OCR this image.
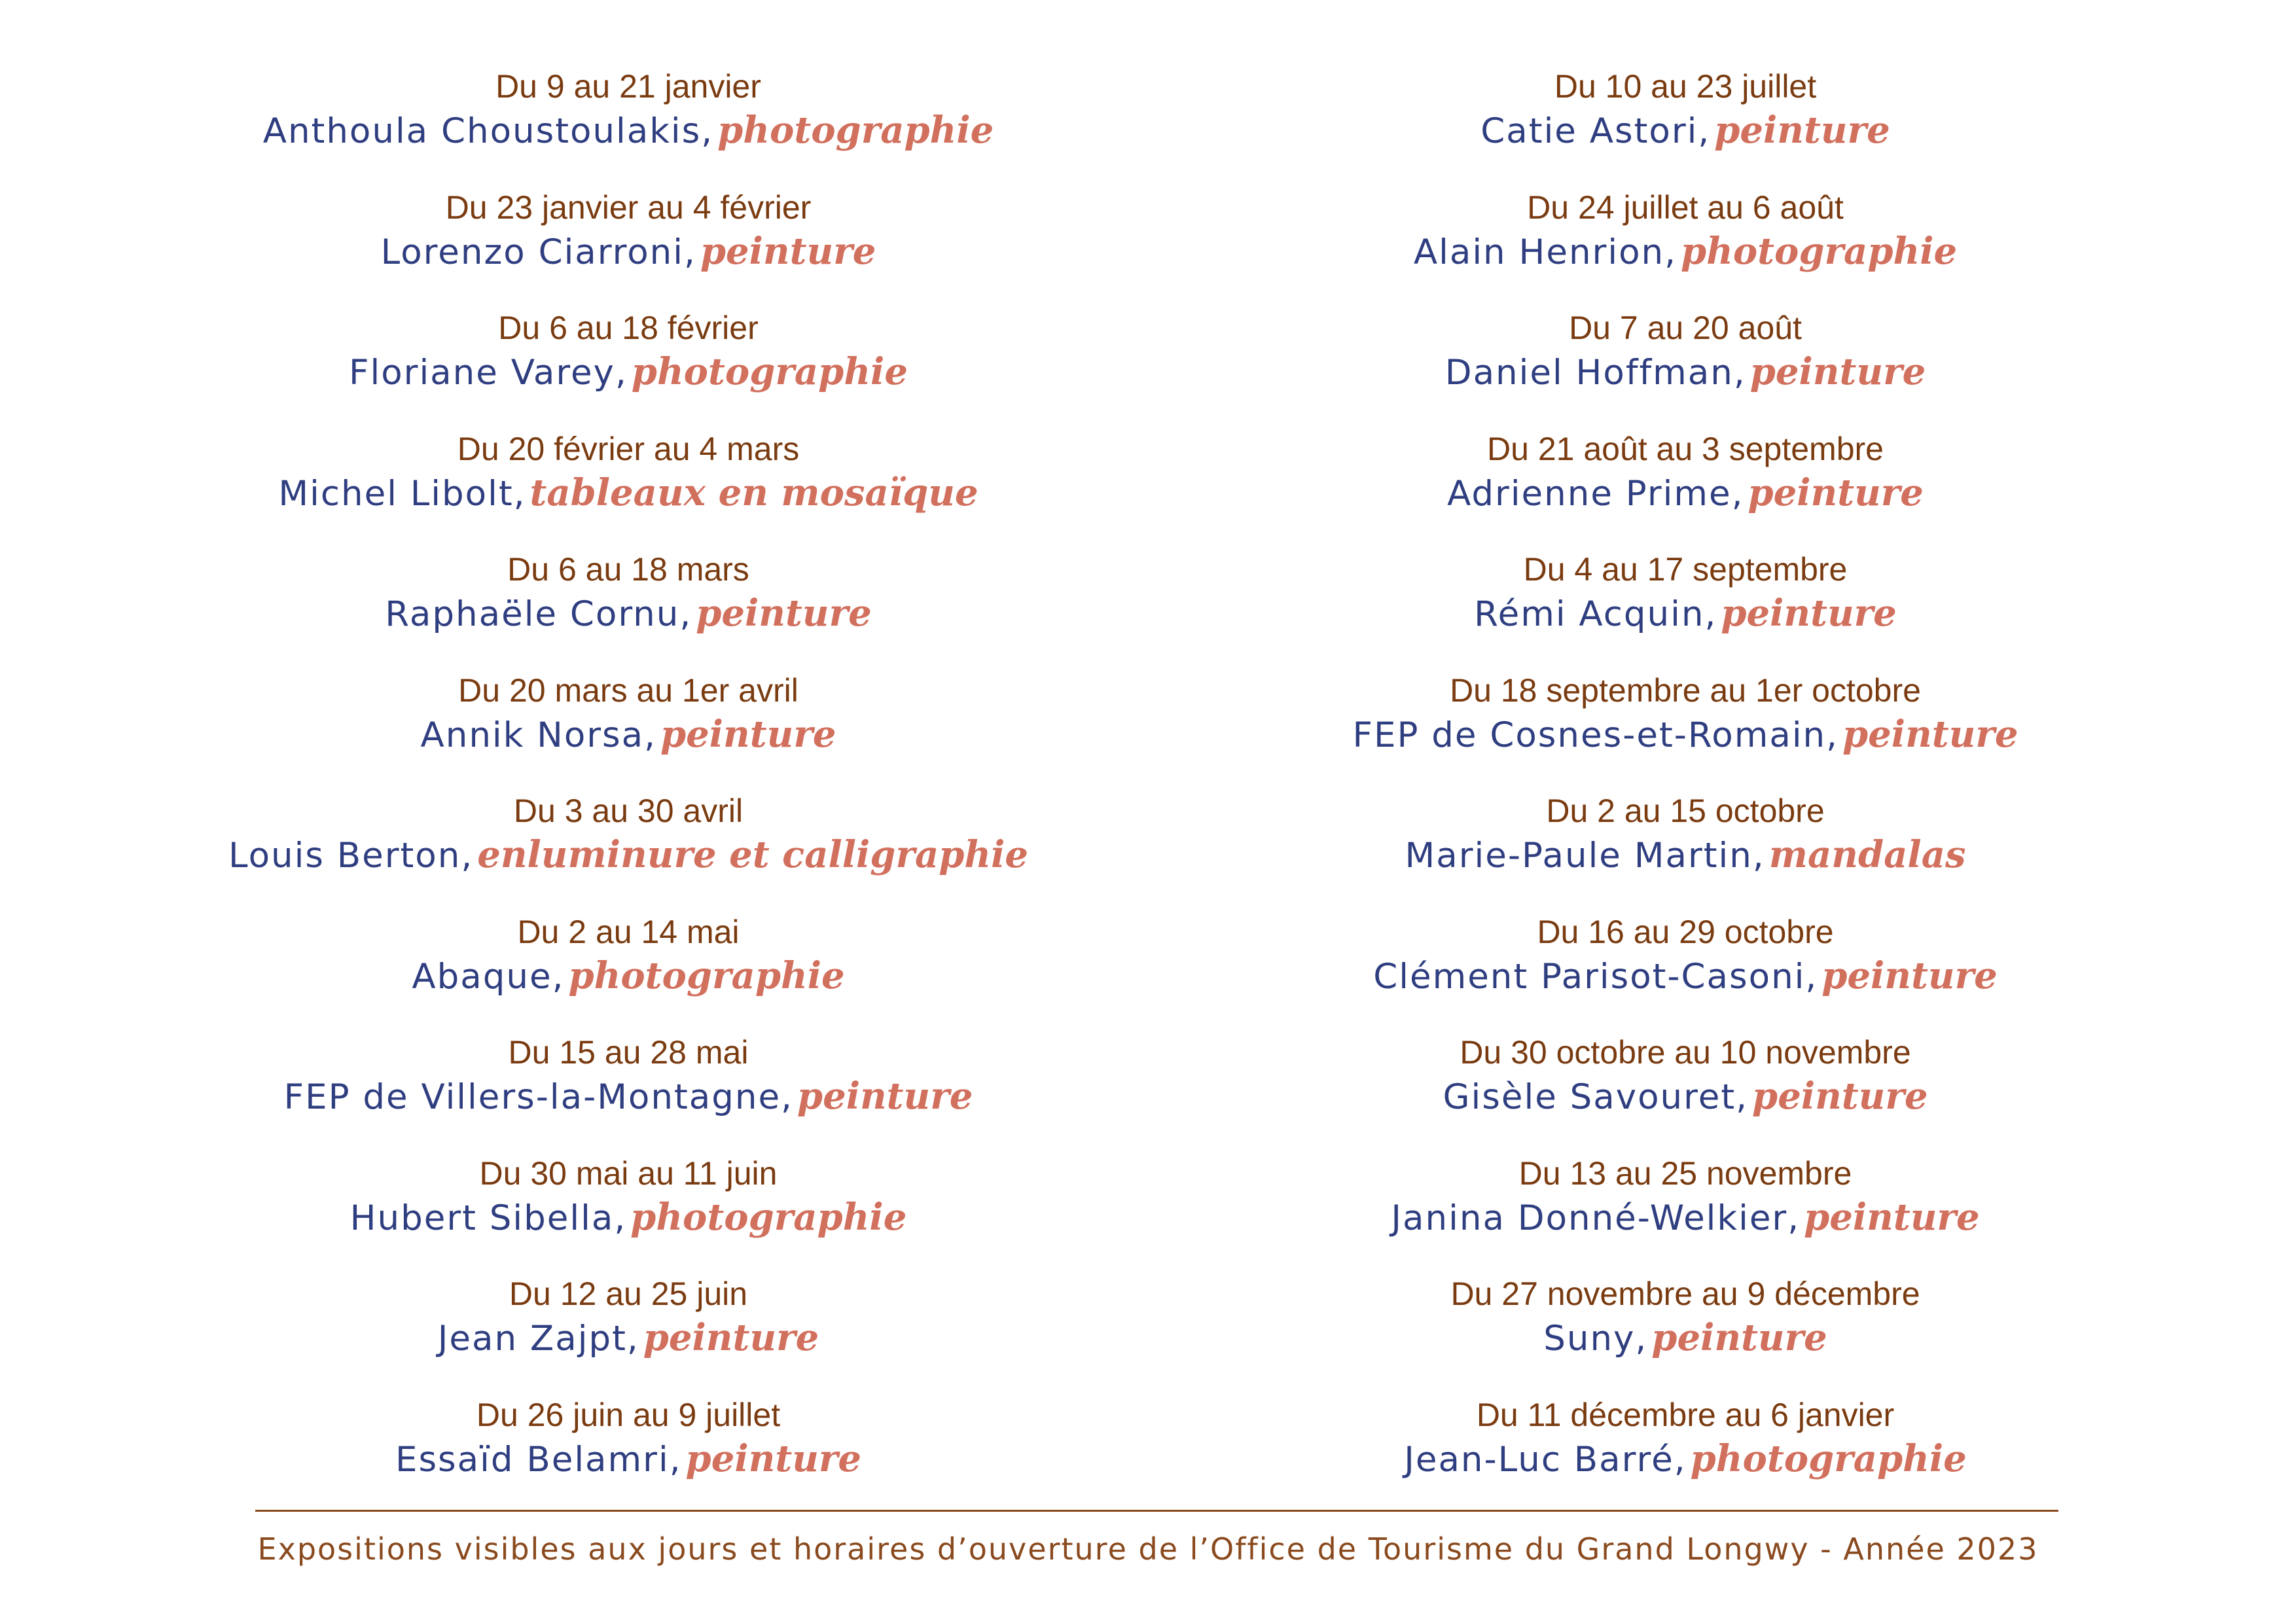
Du 9 au 21 janvier
Anthoula Choustoulakis, photographie
Du 23 janvier au 4 février
Lorenzo Ciarroni, peinture
Du 6 au 18 février
Floriane Varey, photographie
Du 20 février au 4 mars
Michel Libolt, tableaux en mosaïque
Du 6 au 18 mars
Raphaële Cornu, peinture
Du 20 mars au 1er avril
Annik Norsa, peinture
Du 3 au 30 avril
Louis Berton, enluminure et calligraphie
Du 2 au 14 mai
Abaque, photographie
Du 15 au 28 mai
FEP de Villers-la-Montagne, peinture
Du 30 mai au 11 juin
Hubert Sibella, photographie
Du 12 au 25 juin
Jean Zajpt, peinture
Du 26 juin au 9 juillet
Essaïd Belamri, peinture
Du 10 au 23 juillet
Catie Astori, peinture
Du 24 juillet au 6 août
Alain Henrion, photographie
Du 7 au 20 août
Daniel Hoffman, peinture
Du 21 août au 3 septembre
Adrienne Prime, peinture
Du 4 au 17 septembre
Rémi Acquin, peinture
Du 18 septembre au 1er octobre
FEP de Cosnes-et-Romain, peinture
Du 2 au 15 octobre
Marie-Paule Martin, mandalas
Du 16 au 29 octobre
Clément Parisot-Casoni, peinture
Du 30 octobre au 10 novembre
Gisèle Savouret, peinture
Du 13 au 25 novembre
Janina Donné-Welkier, peinture
Du 27 novembre au 9 décembre
Suny, peinture
Du 11 décembre au 6 janvier
Jean-Luc Barré, photographie
Expositions visibles aux jours et horaires d’ouverture de l’Office de Tourisme du Grand Longwy - Année 2023
